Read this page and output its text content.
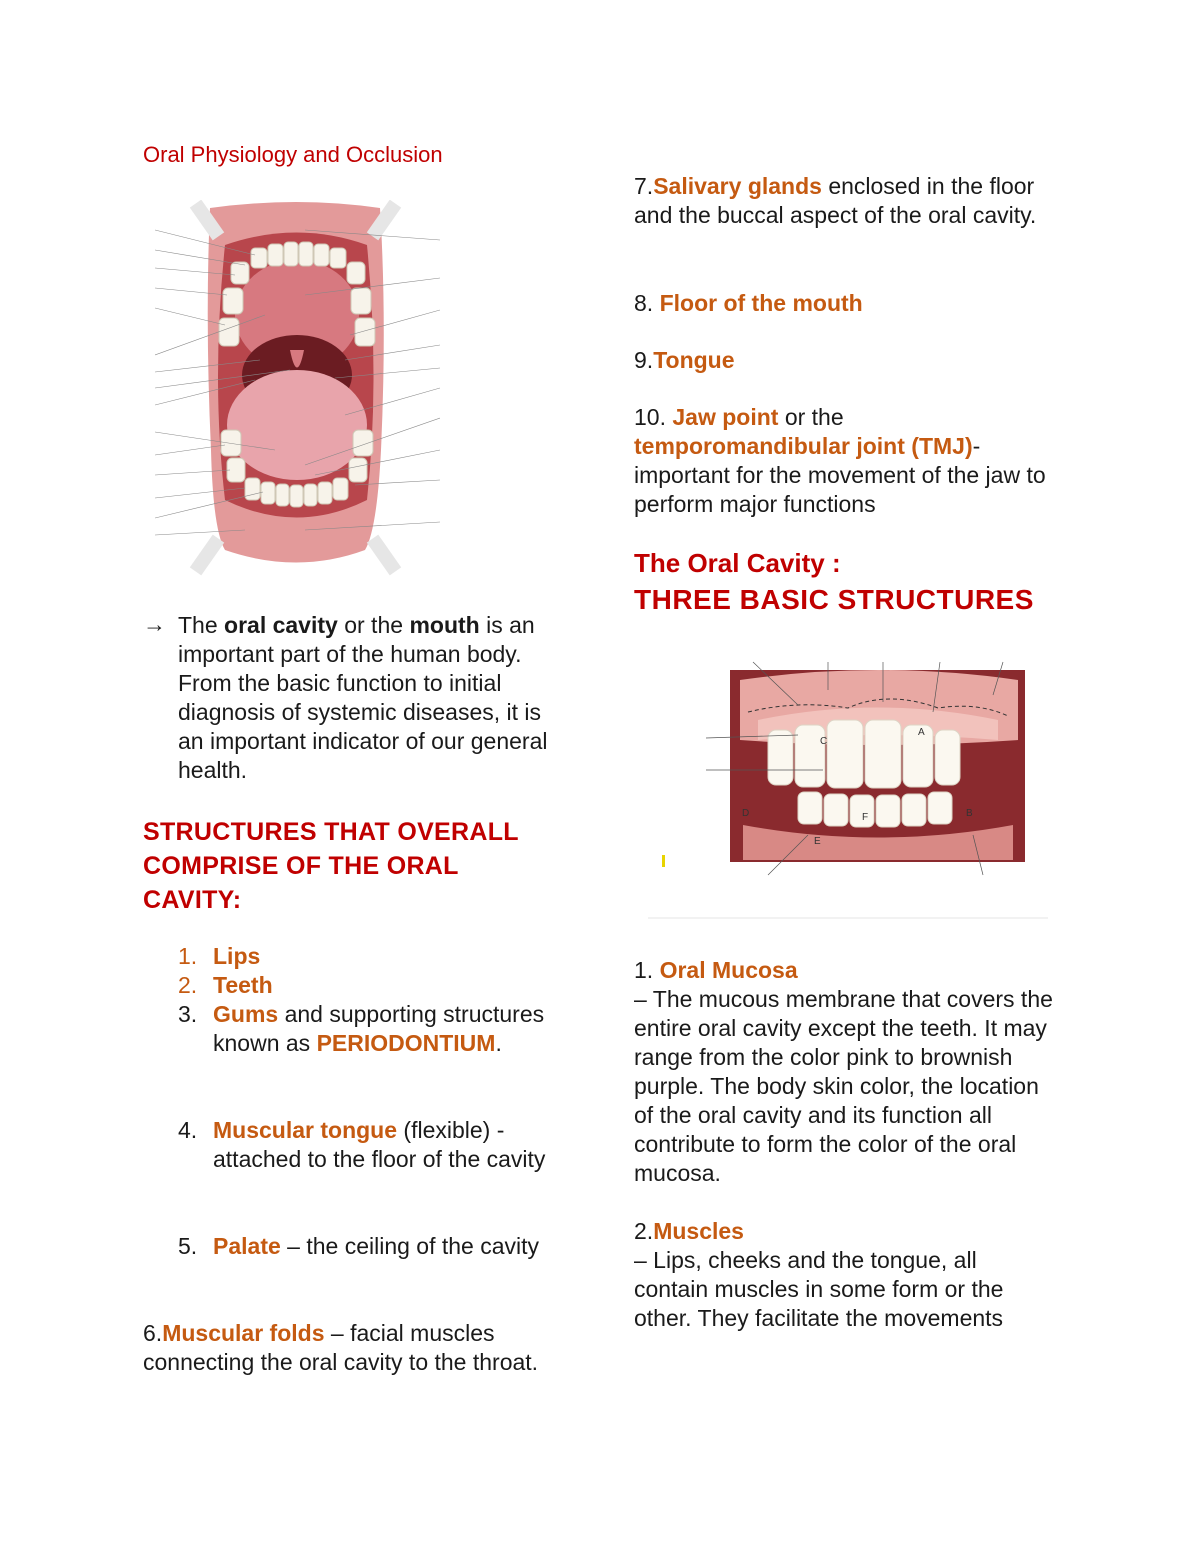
Oral Physiology and Occlusion
→ The oral cavity or the mouth is an important part of the human body. From the basic function to initial diagnosis of systemic diseases, it is an important indicator of our general health.

STRUCTURES THAT OVERALL COMPRISE OF THE ORAL CAVITY:
1. Lips
2. Teeth
3. Gums and supporting structures known as PERIODONTIUM.
4. Muscular tongue (flexible) - attached to the floor of the cavity
5. Palate – the ceiling of the cavity

6.Muscular folds – facial muscles connecting the oral cavity to the throat.

7.Salivary glands enclosed in the floor and the buccal aspect of the oral cavity.

8. Floor of the mouth

9.Tongue

10. Jaw point or the temporomandibular joint (TMJ)- important for the movement of the jaw to perform major functions

The Oral Cavity :
THREE BASIC STRUCTURES
A
B
C
D
E
F

1. Oral Mucosa

– The mucous membrane that covers the entire oral cavity except the teeth. It may range from the color pink to brownish purple. The body skin color, the location of the oral cavity and its function all contribute to form the color of the oral mucosa.

2.Muscles

– Lips, cheeks and the tongue, all contain muscles in some form or the other. They facilitate the movements
